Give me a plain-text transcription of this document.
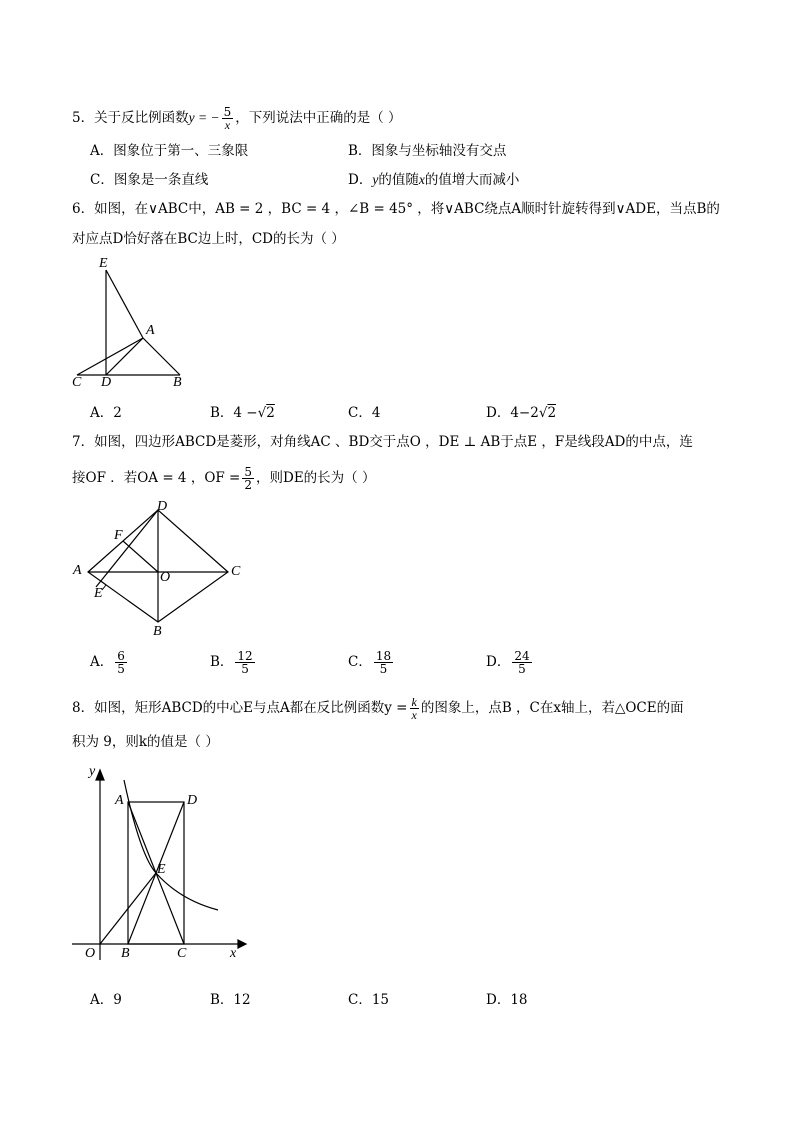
5．关于反比例函数y = − $\frac{5}{x}$ ，下列说法中正确的是（ ）
A．图象位于第一、三象限	B．图象与坐标轴没有交点
C．图象是一条直线	D．y的值随x的值增大而减小
6．如图，在∨ABC中，AB = 2 ，BC = 4 ，∠B = 45° ，将∨ABC绕点A顺时针旋转得到∨ADE，当点B的
对应点D恰好落在BC边上时，CD的长为（ ）
E
A
C D	B
A．2	B．4 −√2	C．4	D．4−2√2
7．如图，四边形ABCD是菱形，对角线AC 、BD交于点O ，DE ⊥ AB于点E ，F是线段AD的中点，连
接OF ．若OA = 4 ，OF = $\frac{5}{2}$ ，则DE的长为（ ）
D
F
A	O	C
E
B
A． $\frac{6}{5}$	B． $\frac{12}{5}$	C． $\frac{18}{5}$	D． $\frac{24}{5}$
8．如图，矩形ABCD的中心E与点A都在反比例函数$y = \frac{k}{x}$ 的图象上，点B ，C在x轴上，若△OCE的面
积为 9，则k的值是（ ）
y
A	D
E
O B	C	x
A．9	B．12	C．15	D．18
